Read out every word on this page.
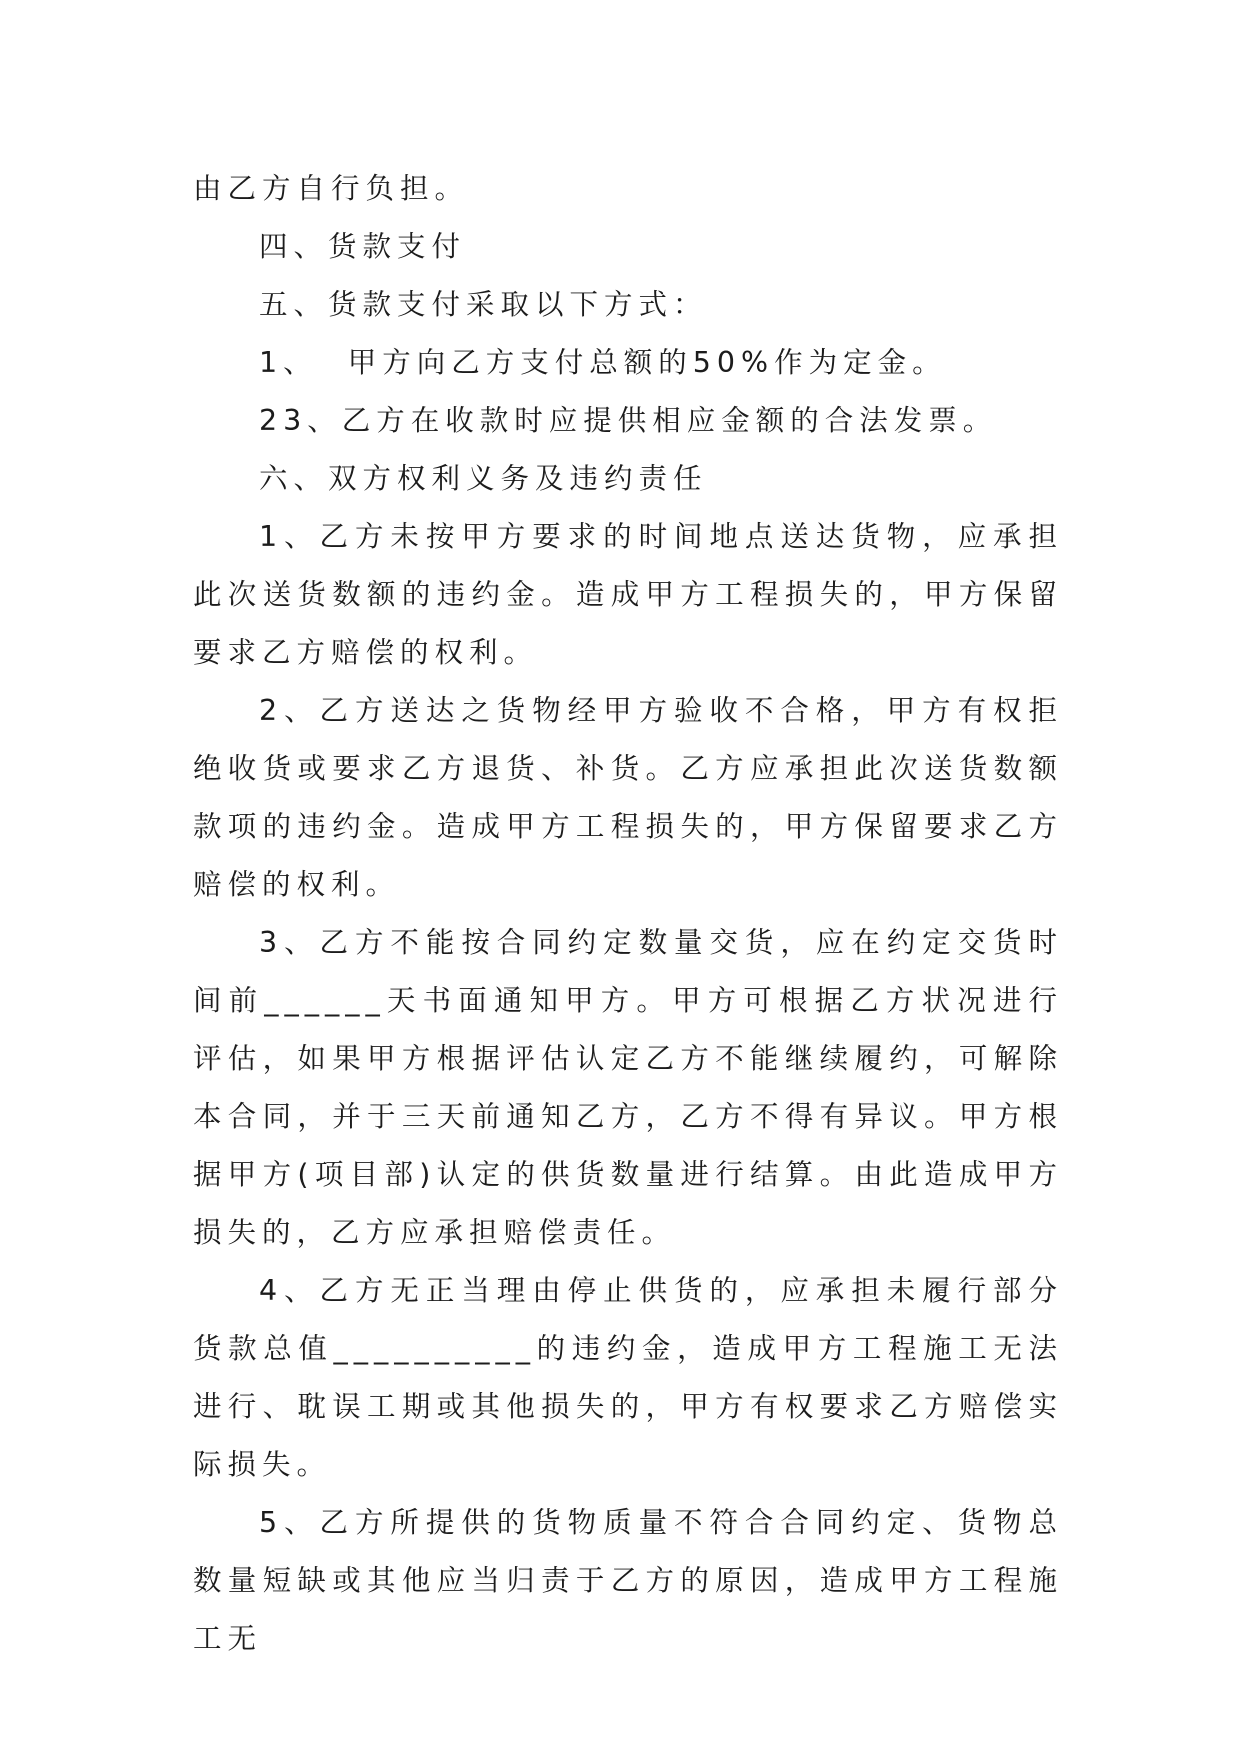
由乙方自行负担。

四、货款支付

五、货款支付采取以下方式：

1、  甲方向乙方支付总额的50%作为定金。

23、乙方在收款时应提供相应金额的合法发票。

六、双方权利义务及违约责任

1、乙方未按甲方要求的时间地点送达货物，应承担此次送货数额的违约金。造成甲方工程损失的，甲方保留要求乙方赔偿的权利。

2、乙方送达之货物经甲方验收不合格，甲方有权拒绝收货或要求乙方退货、补货。乙方应承担此次送货数额款项的违约金。造成甲方工程损失的，甲方保留要求乙方赔偿的权利。

3、乙方不能按合同约定数量交货，应在约定交货时间前______天书面通知甲方。甲方可根据乙方状况进行评估，如果甲方根据评估认定乙方不能继续履约，可解除本合同，并于三天前通知乙方，乙方不得有异议。甲方根据甲方(项目部)认定的供货数量进行结算。由此造成甲方损失的，乙方应承担赔偿责任。

4、乙方无正当理由停止供货的，应承担未履行部分货款总值__________的违约金，造成甲方工程施工无法进行、耽误工期或其他损失的，甲方有权要求乙方赔偿实际损失。

5、乙方所提供的货物质量不符合合同约定、货物总数量短缺或其他应当归责于乙方的原因，造成甲方工程施工无
